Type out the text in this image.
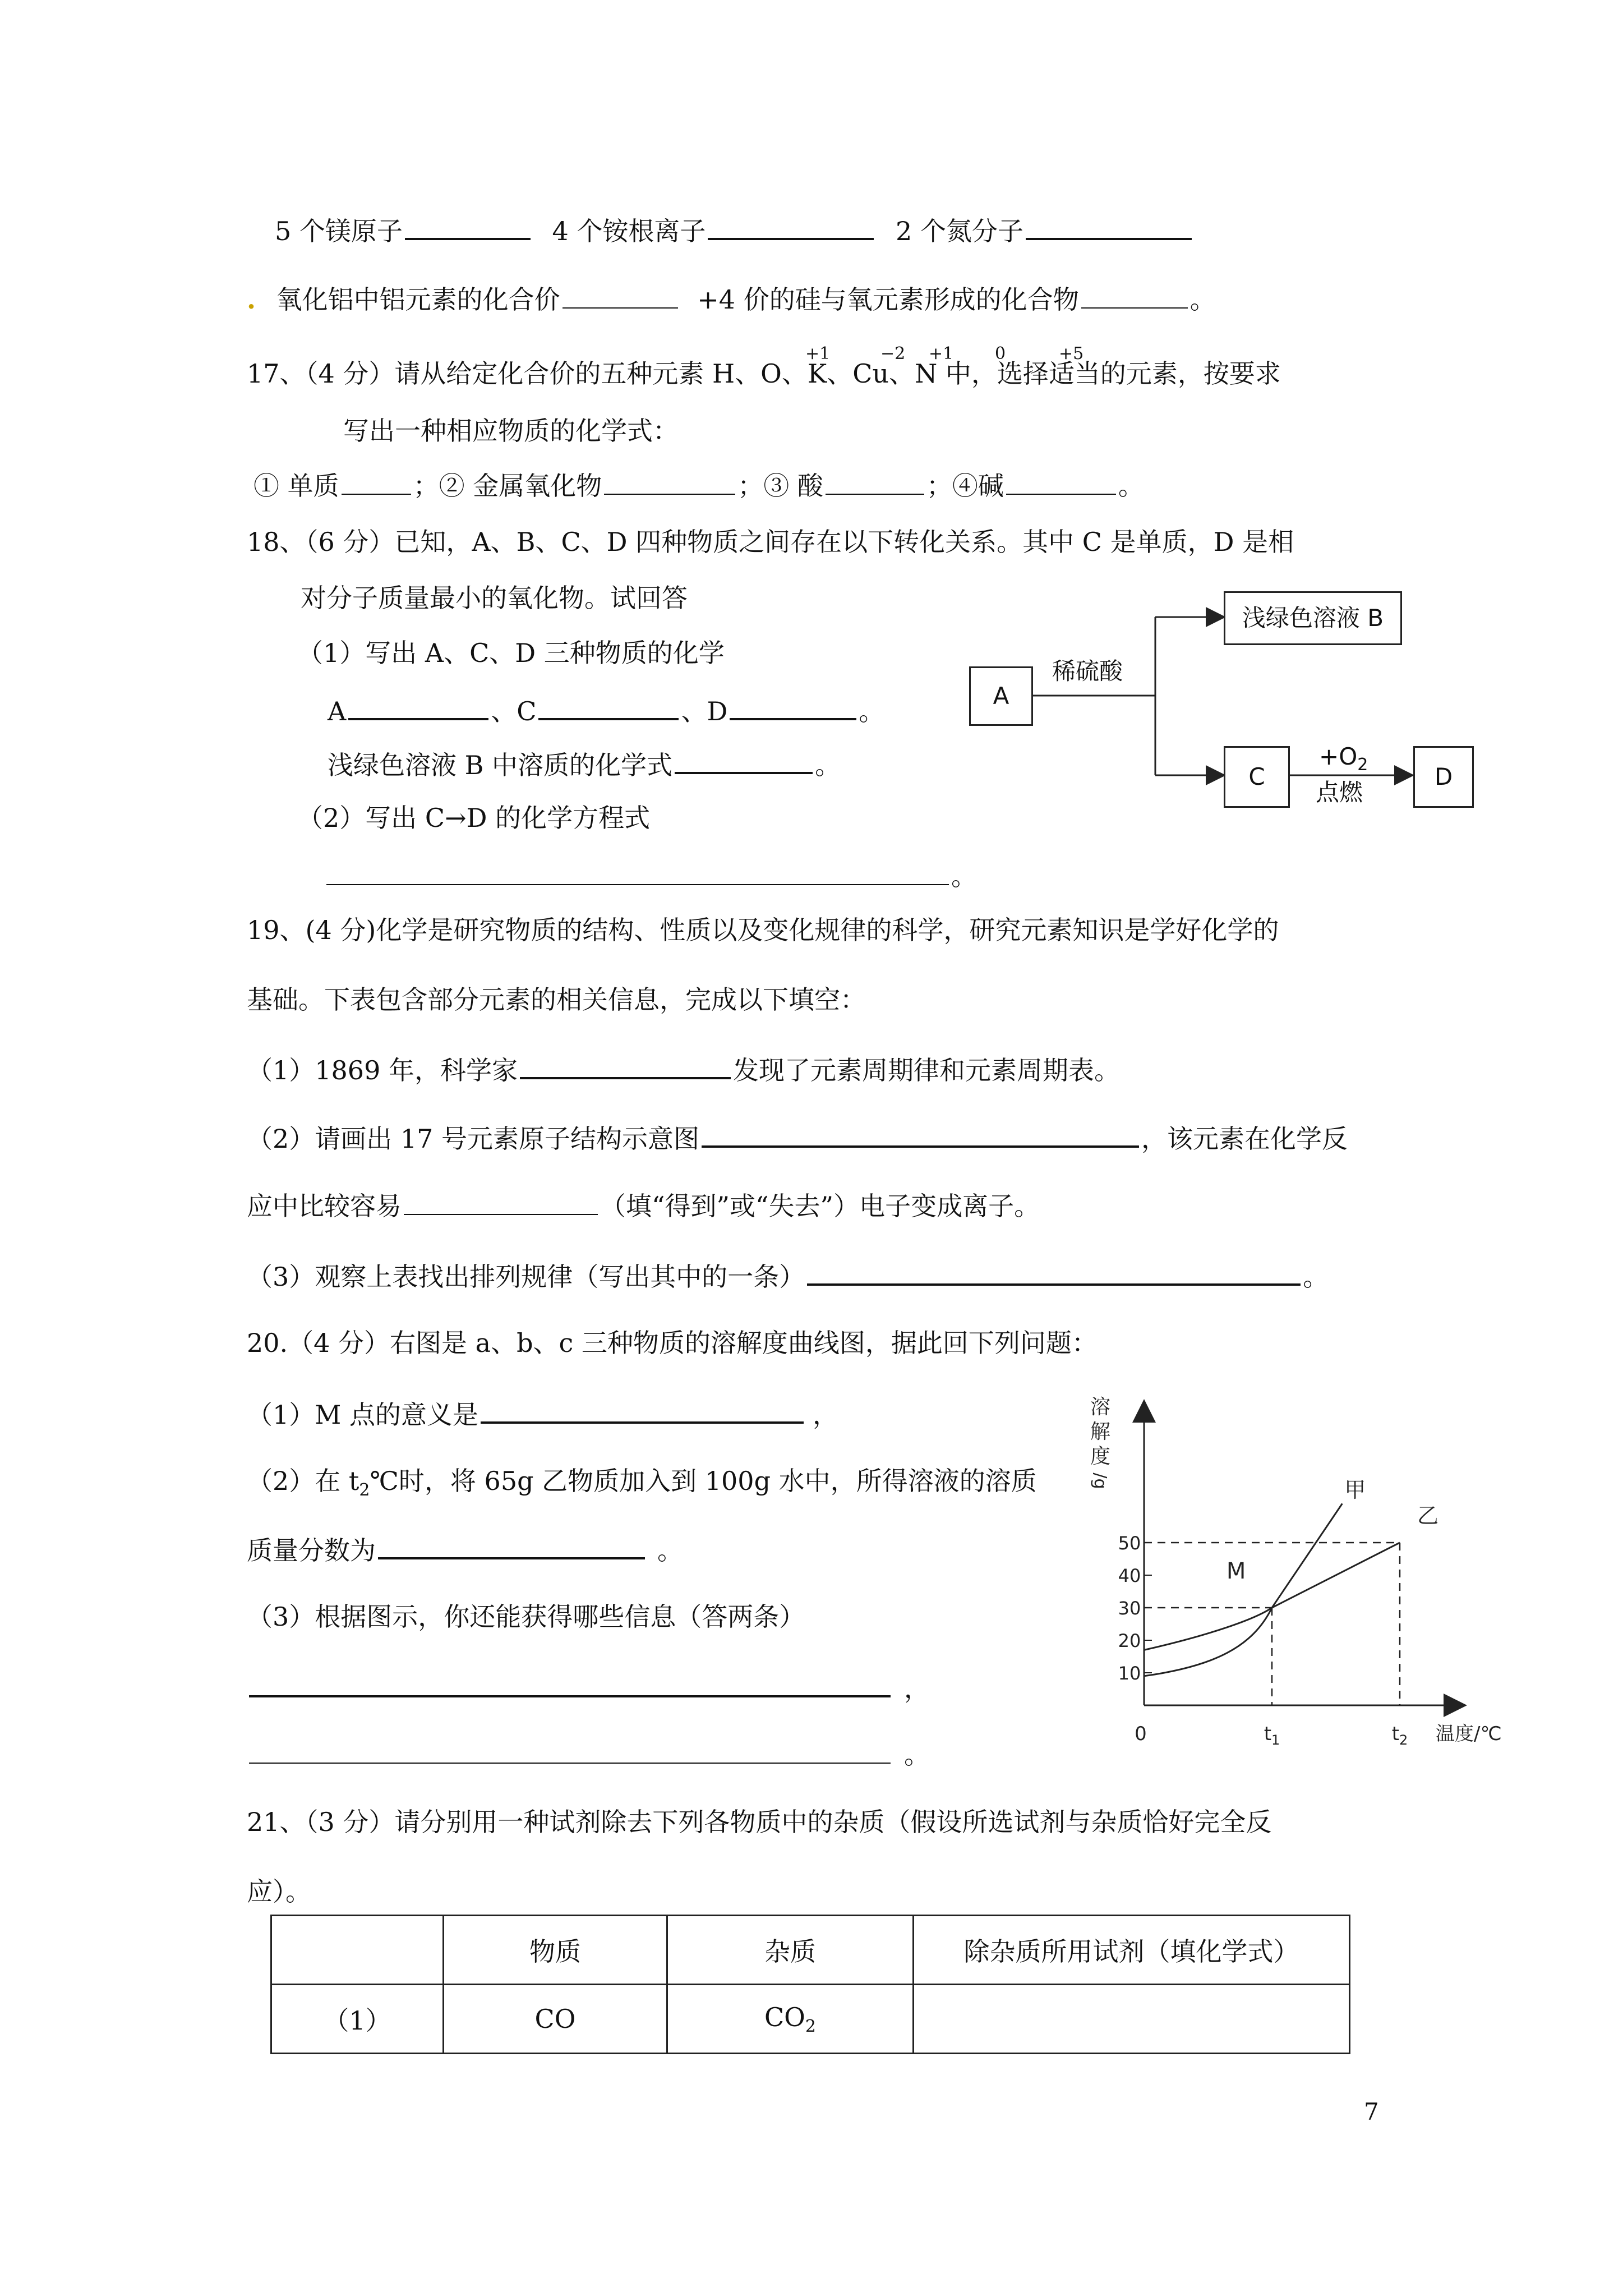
5 个镁原子	4 个铵根离子	2 个氮分子
. 氧化铝中铝元素的化合价	+4 价的硅与氧元素形成的化合物	。
+1	−2 +1 0	+5
17、（4 分）请从给定化合价的五种元素 H、O、K、Cu、N 中，选择适当的元素，按要求
写出一种相应物质的化学式：
① 单质	；② 金属氧化物	；③ 酸	；④碱	。
18、（6 分）已知，A、B、C、D 四种物质之间存在以下转化关系。其中 C 是单质，D 是相
对分子质量最小的氧化物。试回答
（1）写出 A、C、D 三种物质的化学
A	、C	、D	。
浅绿色溶液 B 中溶质的化学式	。
（2）写出 C→D 的化学方程式
。
A
稀硫酸
浅绿色溶液 B
C
$+O_2$
点燃
D
19、(4 分)化学是研究物质的结构、性质以及变化规律的科学，研究元素知识是学好化学的
基础。下表包含部分元素的相关信息，完成以下填空：
（1）1869 年，科学家	发现了元素周期律和元素周期表。
（2）请画出 17 号元素原子结构示意图	，该元素在化学反
应中比较容易	（填“得到”或“失去”）电子变成离子。
（3）观察上表找出排列规律（写出其中的一条）	。
20.（4 分）右图是 a、b、c 三种物质的溶解度曲线图，据此回下列问题：
（1）M 点的意义是	，
（2）在 $t_2℃$时，将 65g 乙物质加入到 100g 水中，所得溶液的溶质
质量分数为	。
（3）根据图示，你还能获得哪些信息（答两条）
，
。
溶
解
度
/g
10
20
30
40
50
0	$t_1$	$t_2$ 温度/℃
甲
乙
M
21、（3 分）请分别用一种试剂除去下列各物质中的杂质（假设所选试剂与杂质恰好完全反
应）。
	物质	杂质	除杂质所用试剂（填化学式）
（1）	CO	$CO_2$	
7
